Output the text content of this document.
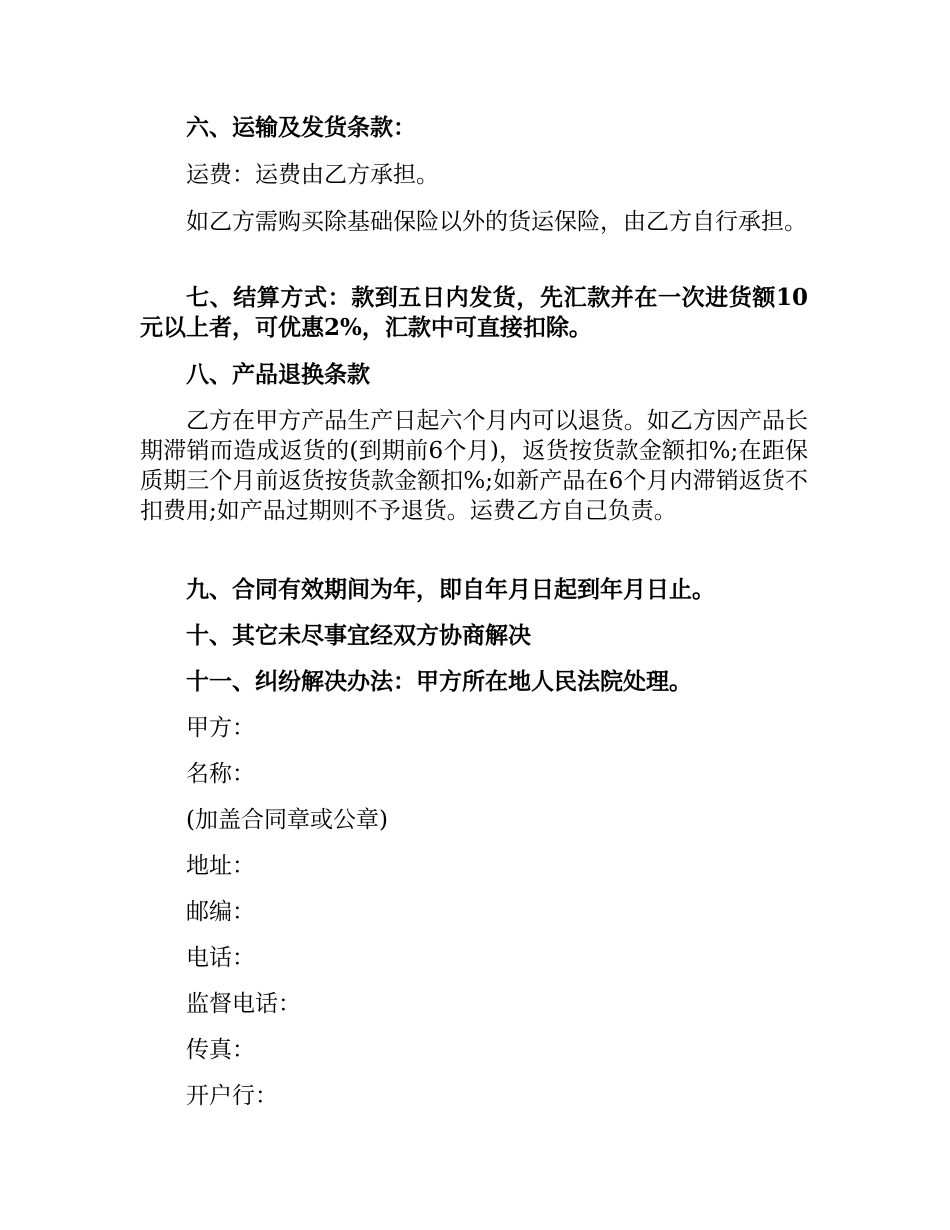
六、运输及发货条款：

运费：运费由乙方承担。

如乙方需购买除基础保险以外的货运保险，由乙方自行承担。

七、结算方式：款到五日内发货，先汇款并在一次进货额10元以上者，可优惠2%，汇款中可直接扣除。

八、产品退换条款

乙方在甲方产品生产日起六个月内可以退货。如乙方因产品长期滞销而造成返货的(到期前6个月)，返货按货款金额扣%;在距保质期三个月前返货按货款金额扣%;如新产品在6个月内滞销返货不扣费用;如产品过期则不予退货。运费乙方自己负责。

九、合同有效期间为年，即自年月日起到年月日止。

十、其它未尽事宜经双方协商解决

十一、纠纷解决办法：甲方所在地人民法院处理。

甲方：

名称：

(加盖合同章或公章)

地址：

邮编：

电话：

监督电话：

传真：

开户行：
